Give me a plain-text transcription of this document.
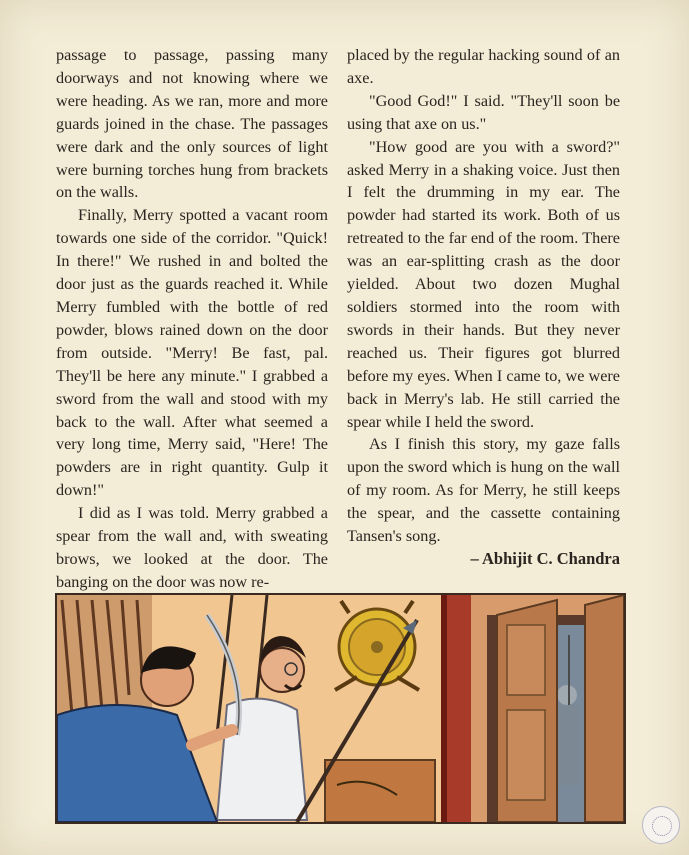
passage to passage, passing many doorways and not knowing where we were heading. As we ran, more and more guards joined in the chase. The passages were dark and the only sources of light were burning torches hung from brackets on the walls.

Finally, Merry spotted a vacant room towards one side of the corridor. "Quick! In there!" We rushed in and bolted the door just as the guards reached it. While Merry fumbled with the bottle of red powder, blows rained down on the door from outside. "Merry! Be fast, pal. They'll be here any minute." I grabbed a sword from the wall and stood with my back to the wall. After what seemed a very long time, Merry said, "Here! The powders are in right quantity. Gulp it down!"

I did as I was told. Merry grabbed a spear from the wall and, with sweating brows, we looked at the door. The banging on the door was now re-

placed by the regular hacking sound of an axe.

"Good God!" I said. "They'll soon be using that axe on us."

"How good are you with a sword?" asked Merry in a shaking voice. Just then I felt the drumming in my ear. The powder had started its work. Both of us retreated to the far end of the room. There was an ear-splitting crash as the door yielded. About two dozen Mughal soldiers stormed into the room with swords in their hands. But they never reached us. Their figures got blurred before my eyes. When I came to, we were back in Merry's lab. He still carried the spear while I held the sword.

As I finish this story, my gaze falls upon the sword which is hung on the wall of my room. As for Merry, he still keeps the spear, and the cassette containing Tansen's song.

– Abhijit C. Chandra
